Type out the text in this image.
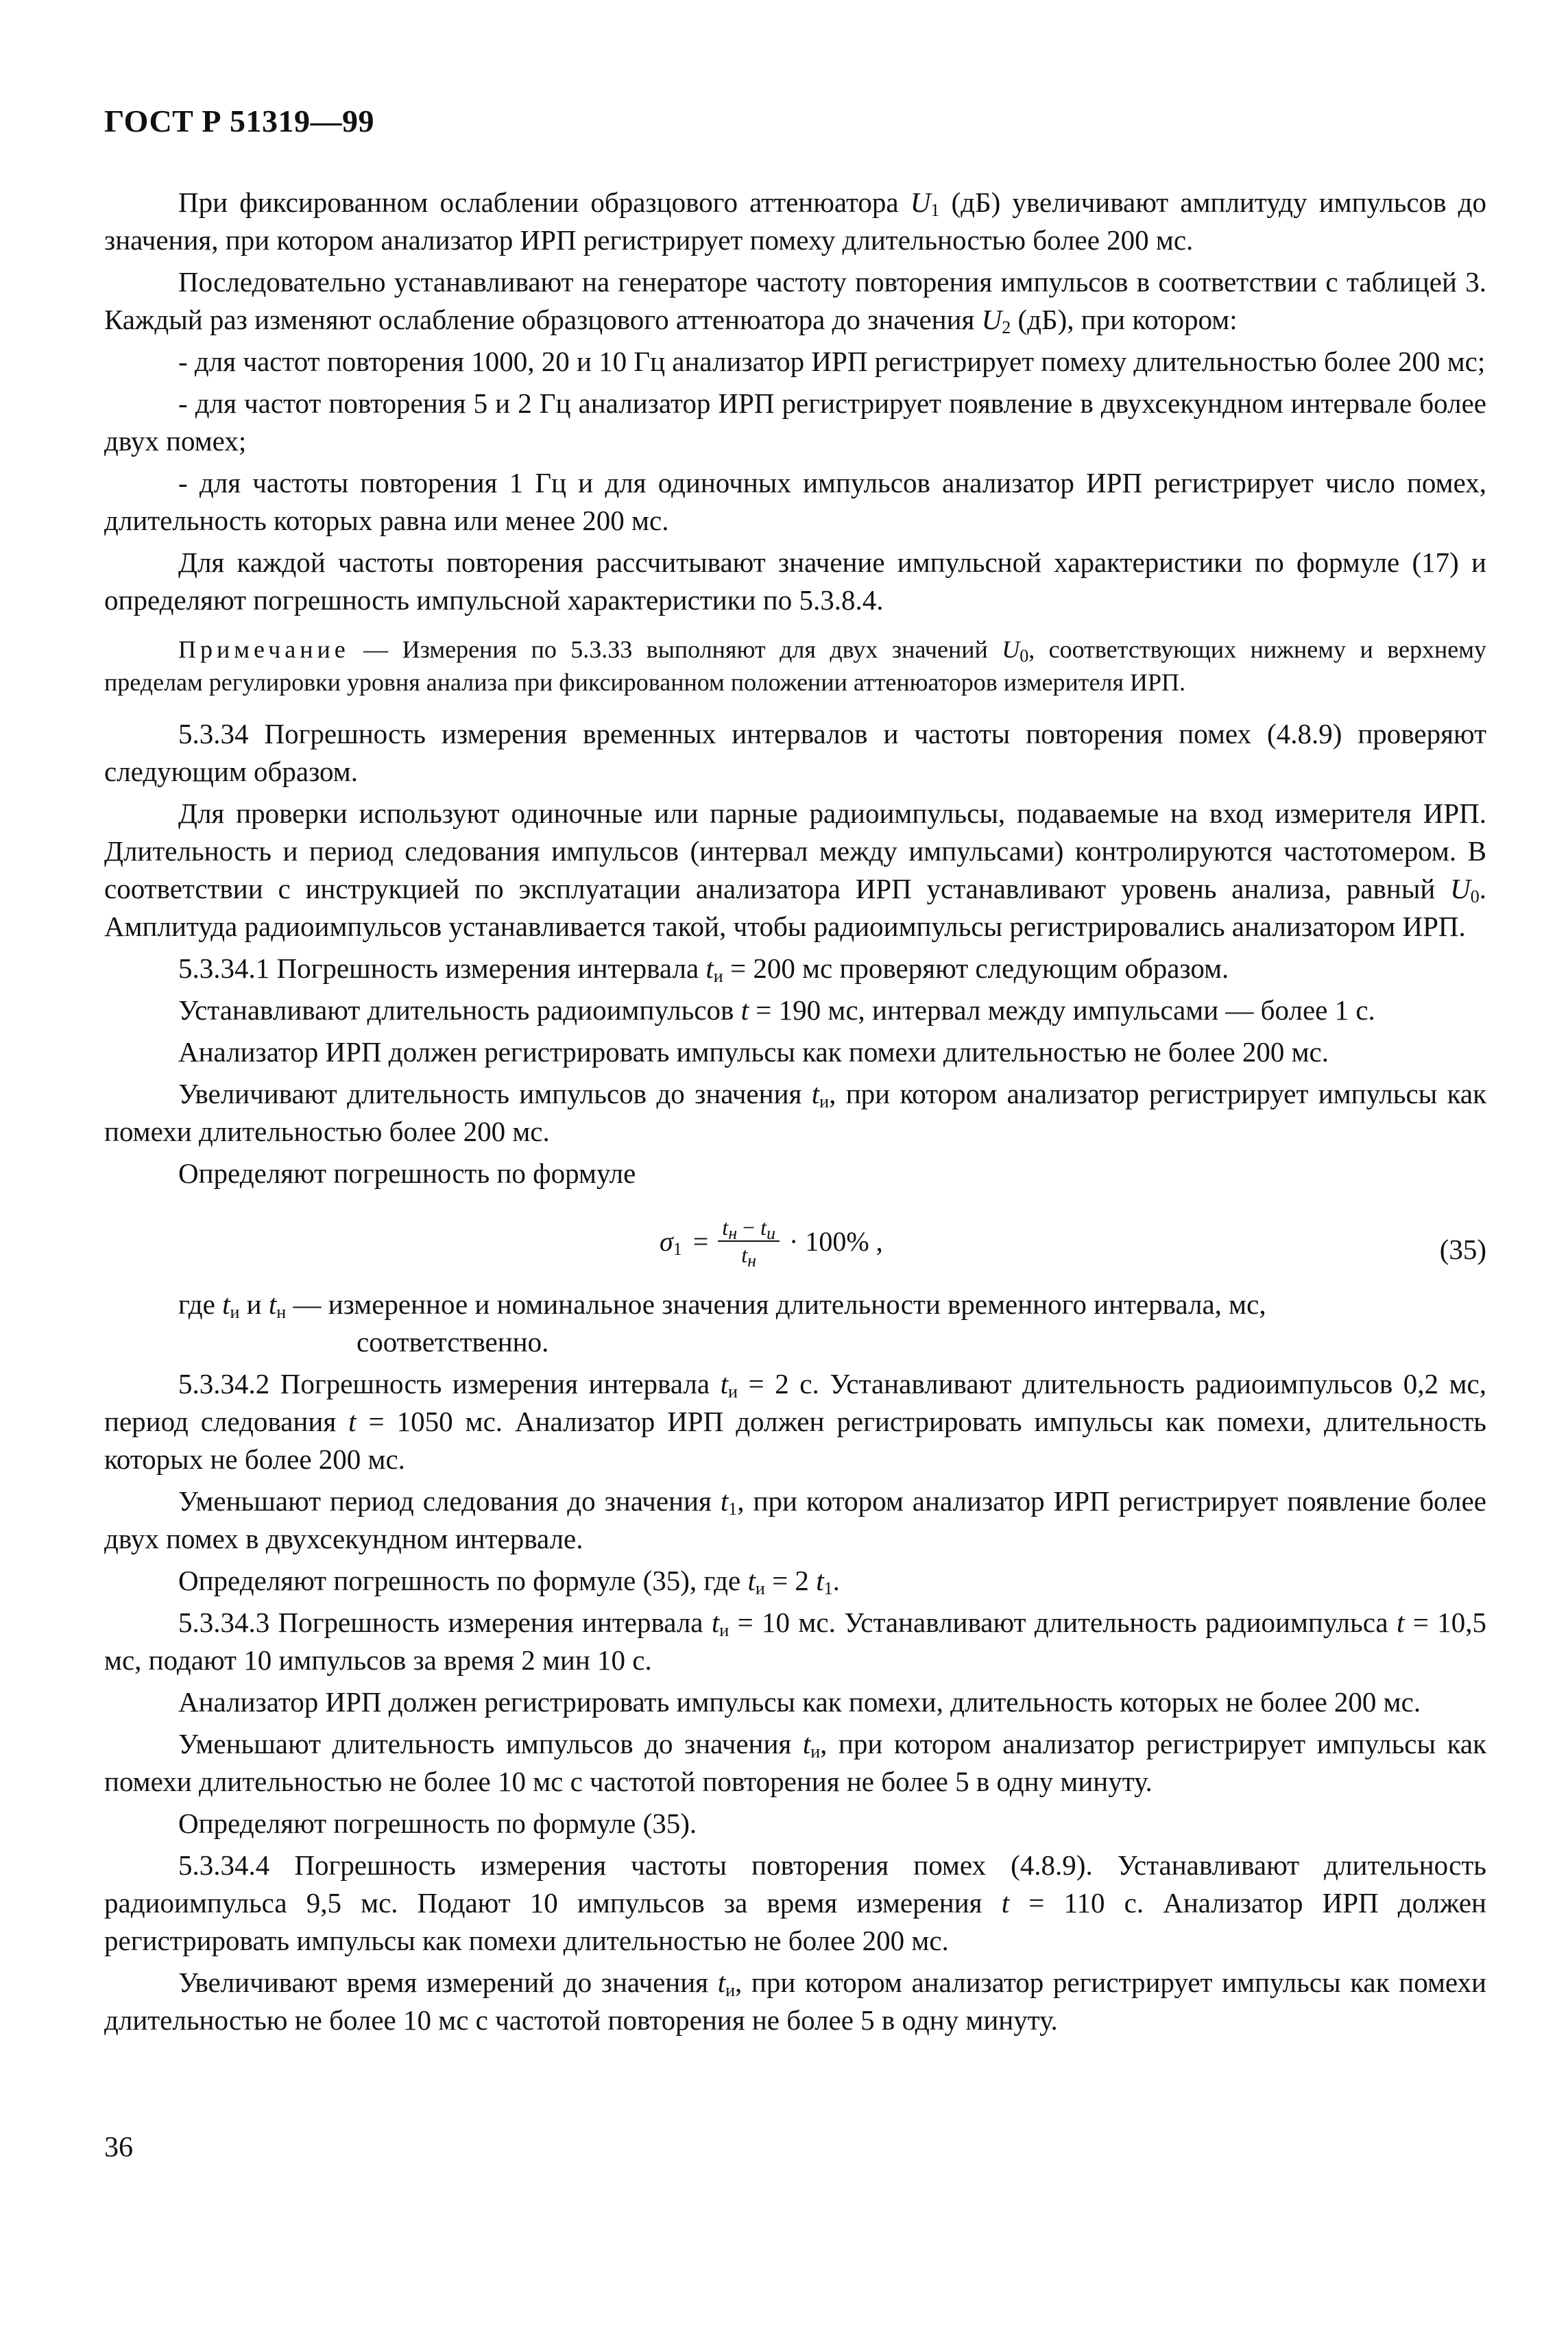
ГОСТ Р 51319—99

При фиксированном ослаблении образцового аттенюатора $U_1$ (дБ) увеличивают амплитуду импульсов до значения, при котором анализатор ИРП регистрирует помеху длительностью более 200 мс.

Последовательно устанавливают на генераторе частоту повторения импульсов в соответствии с таблицей 3. Каждый раз изменяют ослабление образцового аттенюатора до значения $U_2$ (дБ), при котором:

- для частот повторения 1000, 20 и 10 Гц анализатор ИРП регистрирует помеху длительностью более 200 мс;

- для частот повторения 5 и 2 Гц анализатор ИРП регистрирует появление в двухсекундном интервале более двух помех;

- для частоты повторения 1 Гц и для одиночных импульсов анализатор ИРП регистрирует число помех, длительность которых равна или менее 200 мс.

Для каждой частоты повторения рассчитывают значение импульсной характеристики по формуле (17) и определяют погрешность импульсной характеристики по 5.3.8.4.

Примечание — Измерения по 5.3.33 выполняют для двух значений $U_0$, соответствующих нижнему и верхнему пределам регулировки уровня анализа при фиксированном положении аттенюаторов измерителя ИРП.

5.3.34 Погрешность измерения временных интервалов и частоты повторения помех (4.8.9) проверяют следующим образом.

Для проверки используют одиночные или парные радиоимпульсы, подаваемые на вход измерителя ИРП. Длительность и период следования импульсов (интервал между импульсами) контролируются частотомером. В соответствии с инструкцией по эксплуатации анализатора ИРП устанавливают уровень анализа, равный $U_0$. Амплитуда радиоимпульсов устанавливается такой, чтобы радиоимпульсы регистрировались анализатором ИРП.

5.3.34.1 Погрешность измерения интервала $t_и = 200$ мс проверяют следующим образом.

Устанавливают длительность радиоимпульсов t = 190 мс, интервал между импульсами — более 1 с.

Анализатор ИРП должен регистрировать импульсы как помехи длительностью не более 200 мс.

Увеличивают длительность импульсов до значения $t_и$, при котором анализатор регистрирует импульсы как помехи длительностью более 200 мс.

Определяют погрешность по формуле

$\sigma_1 = \frac{t_н - t_и}{t_н} \cdot 100\%$ ,	(35)

где $t_и$ и $t_н$ — измеренное и номинальное значения длительности временного интервала, мс,
соответственно.

5.3.34.2 Погрешность измерения интервала $t_и = 2$ с. Устанавливают длительность радиоимпульсов 0,2 мс, период следования t = 1050 мс. Анализатор ИРП должен регистрировать импульсы как помехи, длительность которых не более 200 мс.

Уменьшают период следования до значения $t_1$, при котором анализатор ИРП регистрирует появление более двух помех в двухсекундном интервале.

Определяют погрешность по формуле (35), где $t_и = 2$ $t_1$.

5.3.34.3 Погрешность измерения интервала $t_и = 10$ мс. Устанавливают длительность радиоимпульса t = 10,5 мс, подают 10 импульсов за время 2 мин 10 с.

Анализатор ИРП должен регистрировать импульсы как помехи, длительность которых не более 200 мс.

Уменьшают длительность импульсов до значения $t_и$, при котором анализатор регистрирует импульсы как помехи длительностью не более 10 мс с частотой повторения не более 5 в одну минуту.

Определяют погрешность по формуле (35).

5.3.34.4 Погрешность измерения частоты повторения помех (4.8.9). Устанавливают длительность радиоимпульса 9,5 мс. Подают 10 импульсов за время измерения t = 110 с. Анализатор ИРП должен регистрировать импульсы как помехи длительностью не более 200 мс.

Увеличивают время измерений до значения $t_и$, при котором анализатор регистрирует импульсы как помехи длительностью не более 10 мс с частотой повторения не более 5 в одну минуту.

36
